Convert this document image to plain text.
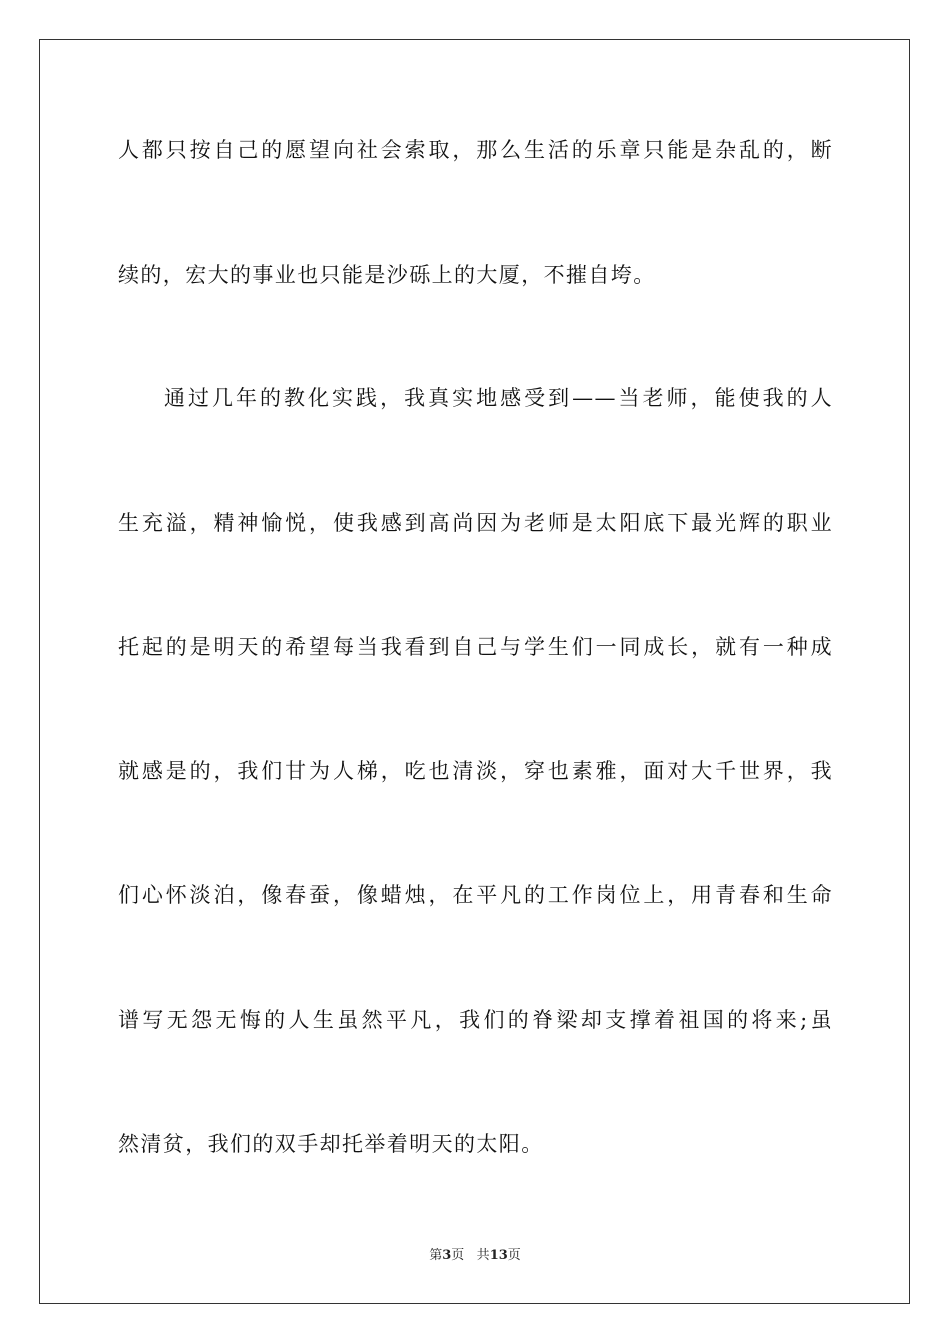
人都只按自己的愿望向社会索取，那么生活的乐章只能是杂乱的，断
续的，宏大的事业也只能是沙砾上的大厦，不摧自垮。
通过几年的教化实践，我真实地感受到——当老师，能使我的人
生充溢，精神愉悦，使我感到高尚因为老师是太阳底下最光辉的职业
托起的是明天的希望每当我看到自己与学生们一同成长，就有一种成
就感是的，我们甘为人梯，吃也清淡，穿也素雅，面对大千世界，我
们心怀淡泊，像春蚕，像蜡烛，在平凡的工作岗位上，用青春和生命
谱写无怨无悔的人生虽然平凡，我们的脊梁却支撑着祖国的将来;虽
然清贫，我们的双手却托举着明天的太阳。
第3页 共13页
